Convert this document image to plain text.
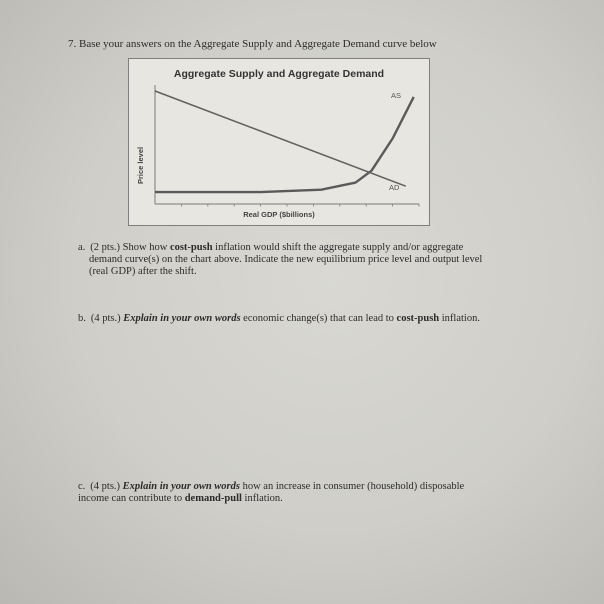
7. Base your answers on the Aggregate Supply and Aggregate Demand curve below
Aggregate Supply and Aggregate Demand
Price level
Real GDP ($billions)
AS
AD
a. (2 pts.) Show how cost-push inflation would shift the aggregate supply and/or aggregate
demand curve(s) on the chart above. Indicate the new equilibrium price level and output level
(real GDP) after the shift.
b. (4 pts.) Explain in your own words economic change(s) that can lead to cost-push inflation.
c. (4 pts.) Explain in your own words how an increase in consumer (household) disposable
income can contribute to demand-pull inflation.
